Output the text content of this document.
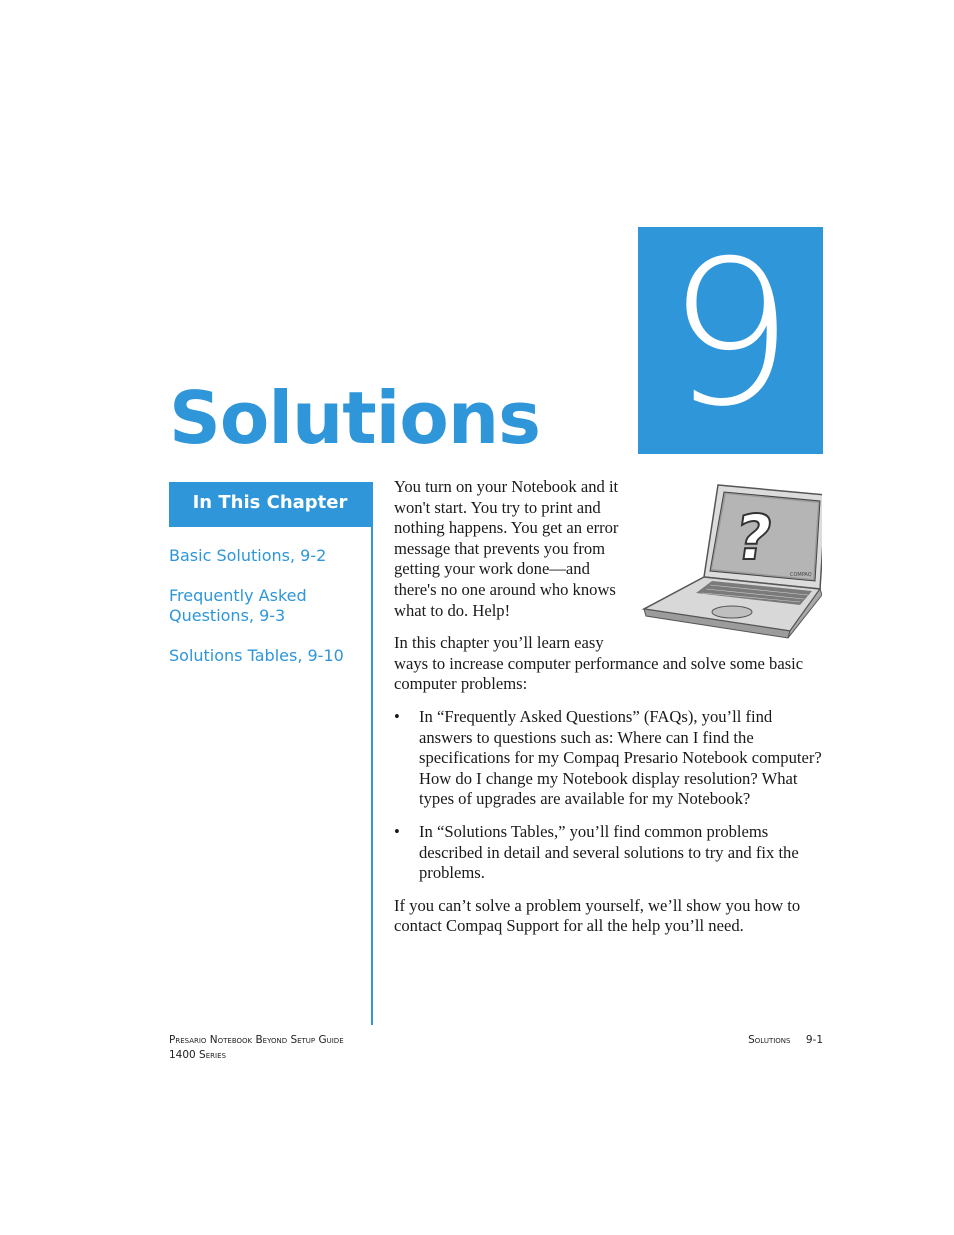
9
Solutions
In This Chapter
Basic Solutions, 9-2
Frequently Asked Questions, 9-3
Solutions Tables, 9-10
?
COMPAQ

You turn on your Notebook and it won't start. You try to print and nothing happens. You get an error message that prevents you from getting your work done—and there's no one around who knows what to do. Help!

In this chapter you’ll learn easy ways to increase computer performance and solve some basic computer problems:

• In “Frequently Asked Questions” (FAQs), you’ll find answers to questions such as: Where can I find the specifications for my Compaq Presario Notebook computer? How do I change my Notebook display resolution? What types of upgrades are available for my Notebook?
• In “Solutions Tables,” you’ll find common problems described in detail and several solutions to try and fix the problems.

If you can’t solve a problem yourself, we’ll show you how to contact Compaq Support for all the help you’ll need.

Presario Notebook Beyond Setup Guide
1400 Series
Solutions 9-1
